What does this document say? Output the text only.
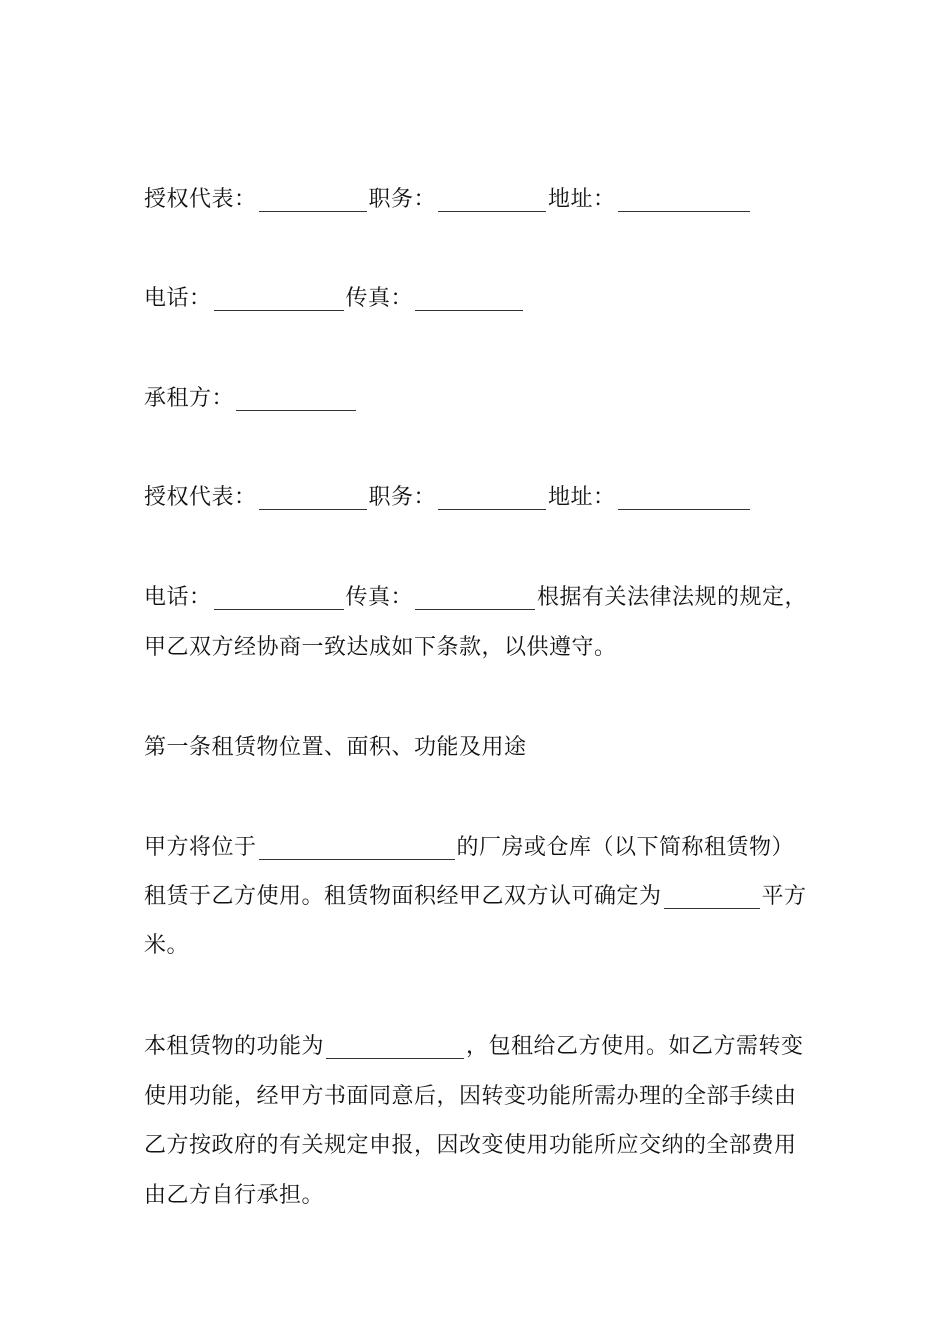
授权代表：	职务：	地址：
电话：	传真：
承租方：
授权代表：	职务：	地址：
电话：	传真：	根据有关法律法规的规定，
甲乙双方经协商一致达成如下条款，以供遵守。
第一条租赁物位置、面积、功能及用途
甲方将位于	的厂房或仓库（以下简称租赁物）
租赁于乙方使用。租赁物面积经甲乙双方认可确定为	平方
米。
本租赁物的功能为	，包租给乙方使用。如乙方需转变
使用功能，经甲方书面同意后，因转变功能所需办理的全部手续由
乙方按政府的有关规定申报，因改变使用功能所应交纳的全部费用
由乙方自行承担。
